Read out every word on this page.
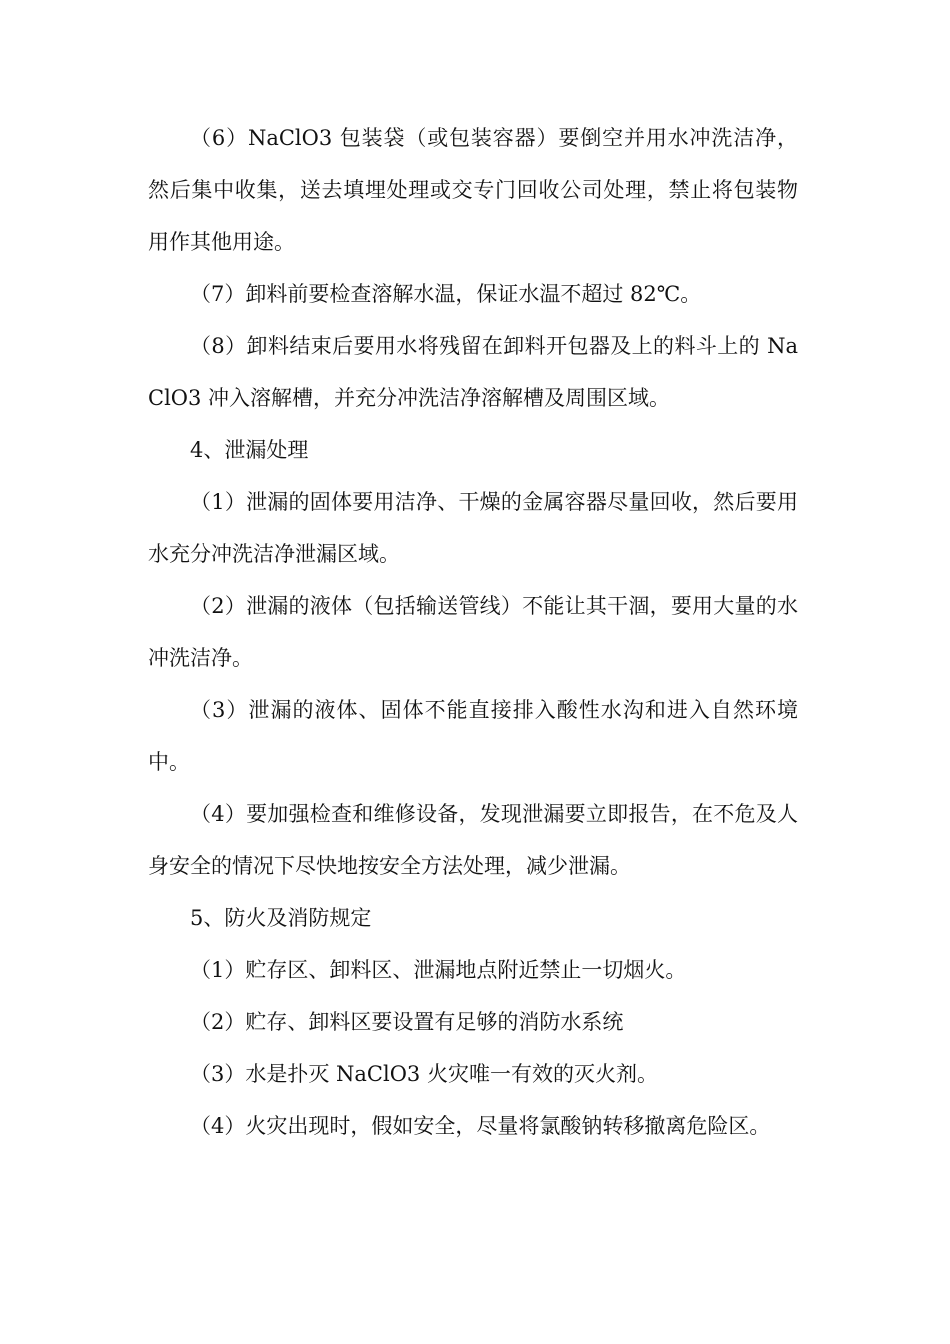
（6）NaClO3 包装袋（或包装容器）要倒空并用水冲洗洁净，然后集中收集，送去填埋处理或交专门回收公司处理，禁止将包装物用作其他用途。

（7）卸料前要检查溶解水温，保证水温不超过 82℃。

（8）卸料结束后要用水将残留在卸料开包器及上的料斗上的 NaClO3 冲入溶解槽，并充分冲洗洁净溶解槽及周围区域。

4、泄漏处理

（1）泄漏的固体要用洁净、干燥的金属容器尽量回收，然后要用水充分冲洗洁净泄漏区域。

（2）泄漏的液体（包括输送管线）不能让其干涸，要用大量的水冲洗洁净。

（3）泄漏的液体、固体不能直接排入酸性水沟和进入自然环境中。

（4）要加强检查和维修设备，发现泄漏要立即报告，在不危及人身安全的情况下尽快地按安全方法处理，减少泄漏。

5、防火及消防规定

（1）贮存区、卸料区、泄漏地点附近禁止一切烟火。

（2）贮存、卸料区要设置有足够的消防水系统

（3）水是扑灭 NaClO3 火灾唯一有效的灭火剂。

（4）火灾出现时，假如安全，尽量将氯酸钠转移撤离危险区。
